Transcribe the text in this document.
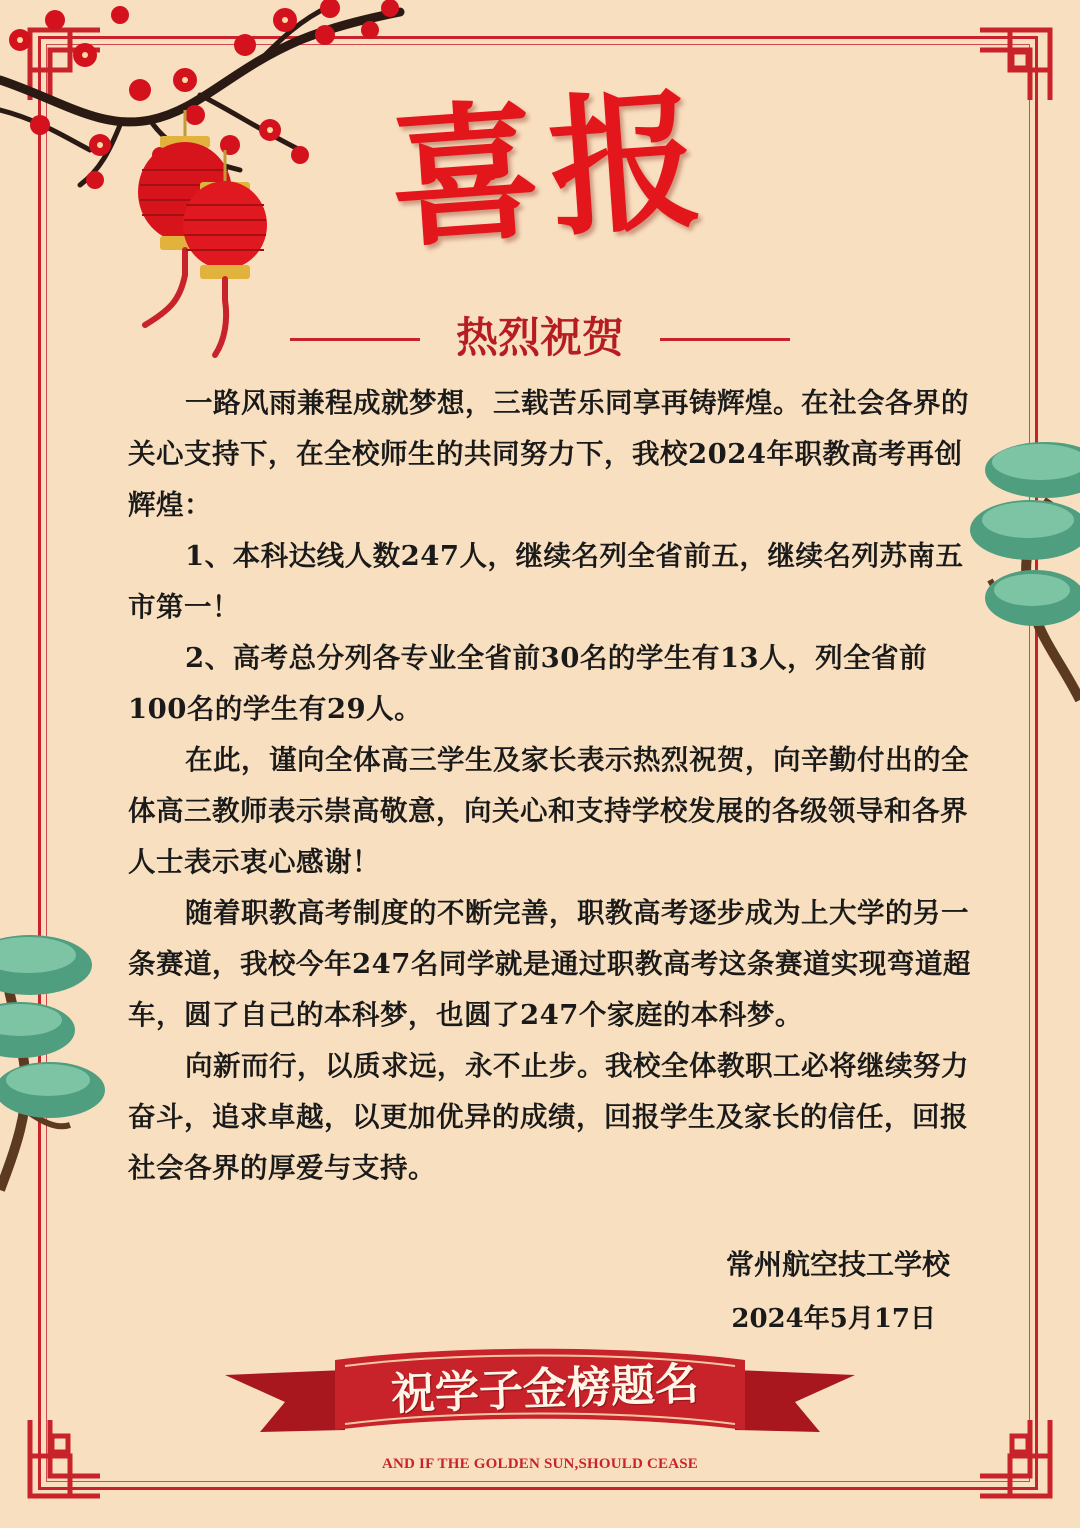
喜报
热烈祝贺

一路风雨兼程成就梦想，三载苦乐同享再铸辉煌。在社会各界的关心支持下，在全校师生的共同努力下，我校2024年职教高考再创辉煌：

1、本科达线人数247人，继续名列全省前五，继续名列苏南五市第一！

2、高考总分列各专业全省前30名的学生有13人，列全省前100名的学生有29人。

在此，谨向全体高三学生及家长表示热烈祝贺，向辛勤付出的全体高三教师表示崇高敬意，向关心和支持学校发展的各级领导和各界人士表示衷心感谢！

随着职教高考制度的不断完善，职教高考逐步成为上大学的另一条赛道，我校今年247名同学就是通过职教高考这条赛道实现弯道超车，圆了自己的本科梦，也圆了247个家庭的本科梦。

向新而行，以质求远，永不止步。我校全体教职工必将继续努力奋斗，追求卓越，以更加优异的成绩，回报学生及家长的信任，回报社会各界的厚爱与支持。

常州航空技工学校
2024年5月17日
祝学子金榜题名
AND IF THE GOLDEN SUN,SHOULD CEASE
